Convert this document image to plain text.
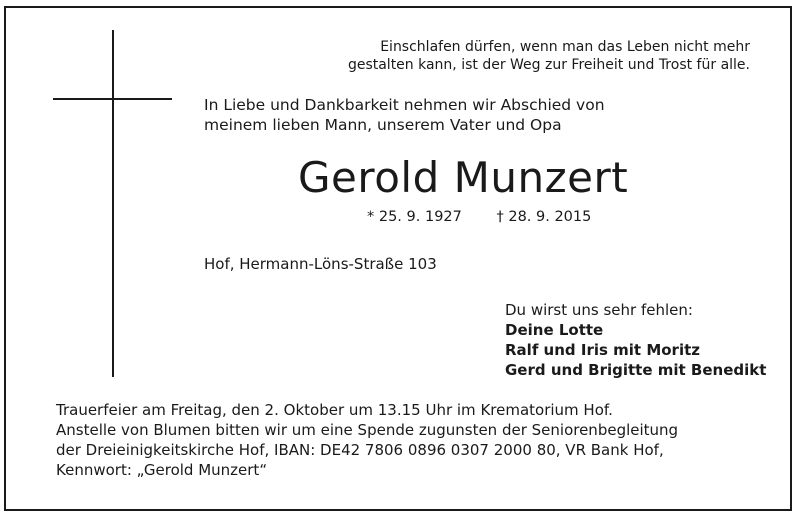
Einschlafen dürfen, wenn man das Leben nicht mehr
gestalten kann, ist der Weg zur Freiheit und Trost für alle.
In Liebe und Dankbarkeit nehmen wir Abschied von
meinem lieben Mann, unserem Vater und Opa
Gerold Munzert
* 25. 9. 1927 † 28. 9. 2015
Hof, Hermann-Löns-Straße 103
Du wirst uns sehr fehlen:
Deine Lotte
Ralf und Iris mit Moritz
Gerd und Brigitte mit Benedikt
Trauerfeier am Freitag, den 2. Oktober um 13.15 Uhr im Krematorium Hof.
Anstelle von Blumen bitten wir um eine Spende zugunsten der Seniorenbegleitung
der Dreieinigkeitskirche Hof, IBAN: DE42 7806 0896 0307 2000 80, VR Bank Hof,
Kennwort: „Gerold Munzert“
